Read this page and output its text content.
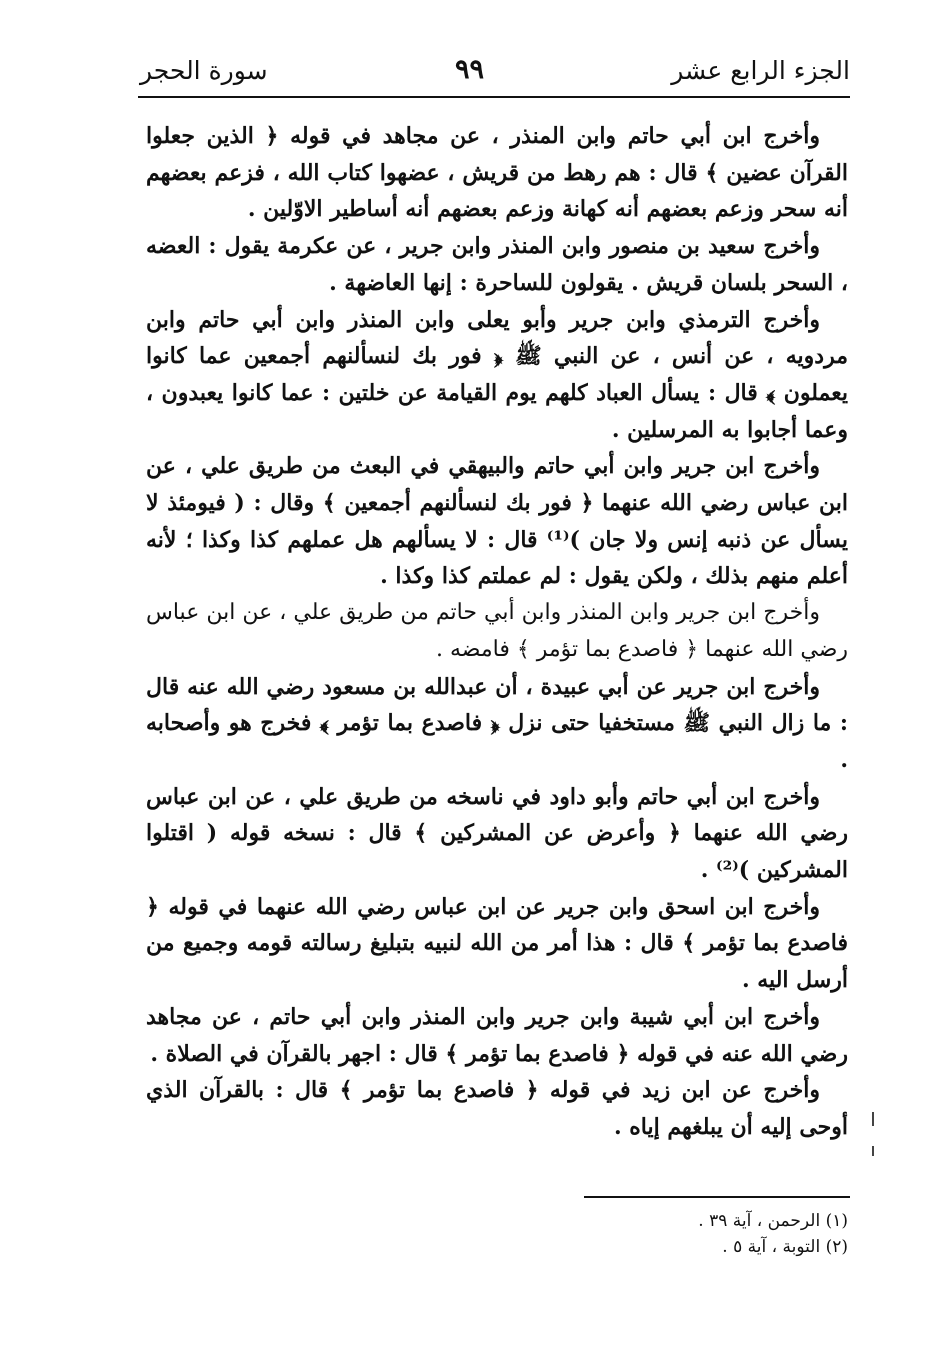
الجزء الرابع عشر
٩٩
سورة الحجر

وأخرج ابن أبي حاتم وابن المنذر ، عن مجاهد في قوله ﴿ الذين جعلوا القرآن عضين ﴾ قال : هم رهط من قريش ، عضهوا كتاب الله ، فزعم بعضهم أنه سحر وزعم بعضهم أنه كهانة وزعم بعضهم أنه أساطير الاوّلين .

وأخرج سعيد بن منصور وابن المنذر وابن جرير ، عن عكرمة يقول : العضه ، السحر بلسان قريش . يقولون للساحرة : إنها العاضهة .

وأخرج الترمذي وابن جرير وأبو يعلى وابن المنذر وابن أبي حاتم وابن مردويه ، عن أنس ، عن النبي ﷺ ﴿ فور بك لنسألنهم أجمعين عما كانوا يعملون ﴾ قال : يسأل العباد كلهم يوم القيامة عن خلتين : عما كانوا يعبدون ، وعما أجابوا به المرسلين .

وأخرج ابن جرير وابن أبي حاتم والبيهقي في البعث من طريق علي ، عن ابن عباس رضي الله عنهما ﴿ فور بك لنسألنهم أجمعين ﴾ وقال : ( فيومئذ لا يسأل عن ذنبه إنس ولا جان )⁽¹⁾ قال : لا يسألهم هل عملهم كذا وكذا ؛ لأنه أعلم منهم بذلك ، ولكن يقول : لم عملتم كذا وكذا .

وأخرج ابن جرير وابن المنذر وابن أبي حاتم من طريق علي ، عن ابن عباس رضي الله عنهما ﴿ فاصدع بما تؤمر ﴾ فامضه .

وأخرج ابن جرير عن أبي عبيدة ، أن عبدالله بن مسعود رضي الله عنه قال : ما زال النبي ﷺ مستخفيا حتى نزل ﴿ فاصدع بما تؤمر ﴾ فخرج هو وأصحابه .

وأخرج ابن أبي حاتم وأبو داود في ناسخه من طريق علي ، عن ابن عباس رضي الله عنهما ﴿ وأعرض عن المشركين ﴾ قال : نسخه قوله ( اقتلوا المشركين )⁽²⁾ .

وأخرج ابن اسحق وابن جرير عن ابن عباس رضي الله عنهما في قوله ﴿ فاصدع بما تؤمر ﴾ قال : هذا أمر من الله لنبيه بتبليغ رسالته قومه وجميع من أرسل اليه .

وأخرج ابن أبي شيبة وابن جرير وابن المنذر وابن أبي حاتم ، عن مجاهد رضي الله عنه في قوله ﴿ فاصدع بما تؤمر ﴾ قال : اجهر بالقرآن في الصلاة .

وأخرج عن ابن زيد في قوله ﴿ فاصدع بما تؤمر ﴾ قال : بالقرآن الذي أوحى إليه أن يبلغهم إياه .

(١) الرحمن ، آية ٣٩ .

(٢) التوبة ، آية ٥ .
